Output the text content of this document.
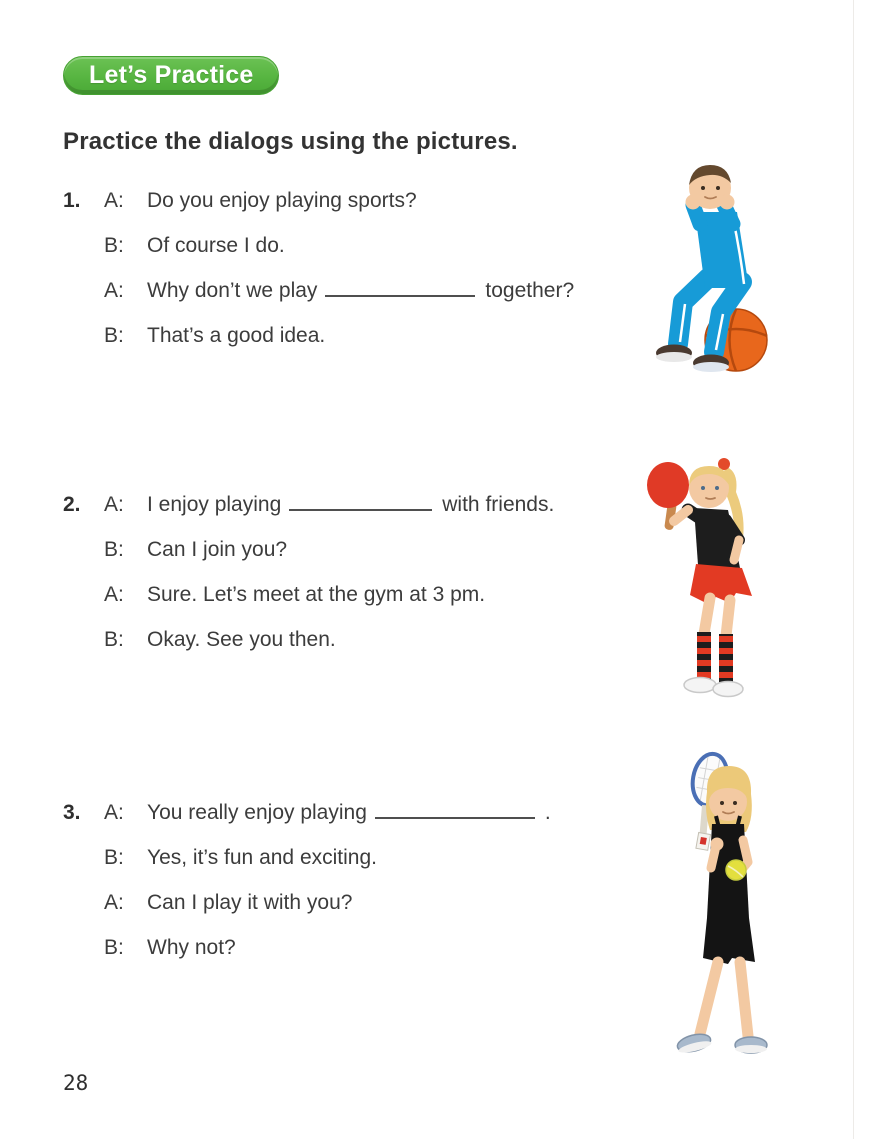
Let’s Practice
Practice the dialogs using the pictures.
1. A: Do you enjoy playing sports?
B: Of course I do.
A: Why don’t we play	together?
B: That’s a good idea.
2. A: I enjoy playing	with friends.
B: Can I join you?
A: Sure. Let’s meet at the gym at 3 pm.
B: Okay. See you then.
3. A: You really enjoy playing	.
B: Yes, it’s fun and exciting.
A: Can I play it with you?
B: Why not?
28
